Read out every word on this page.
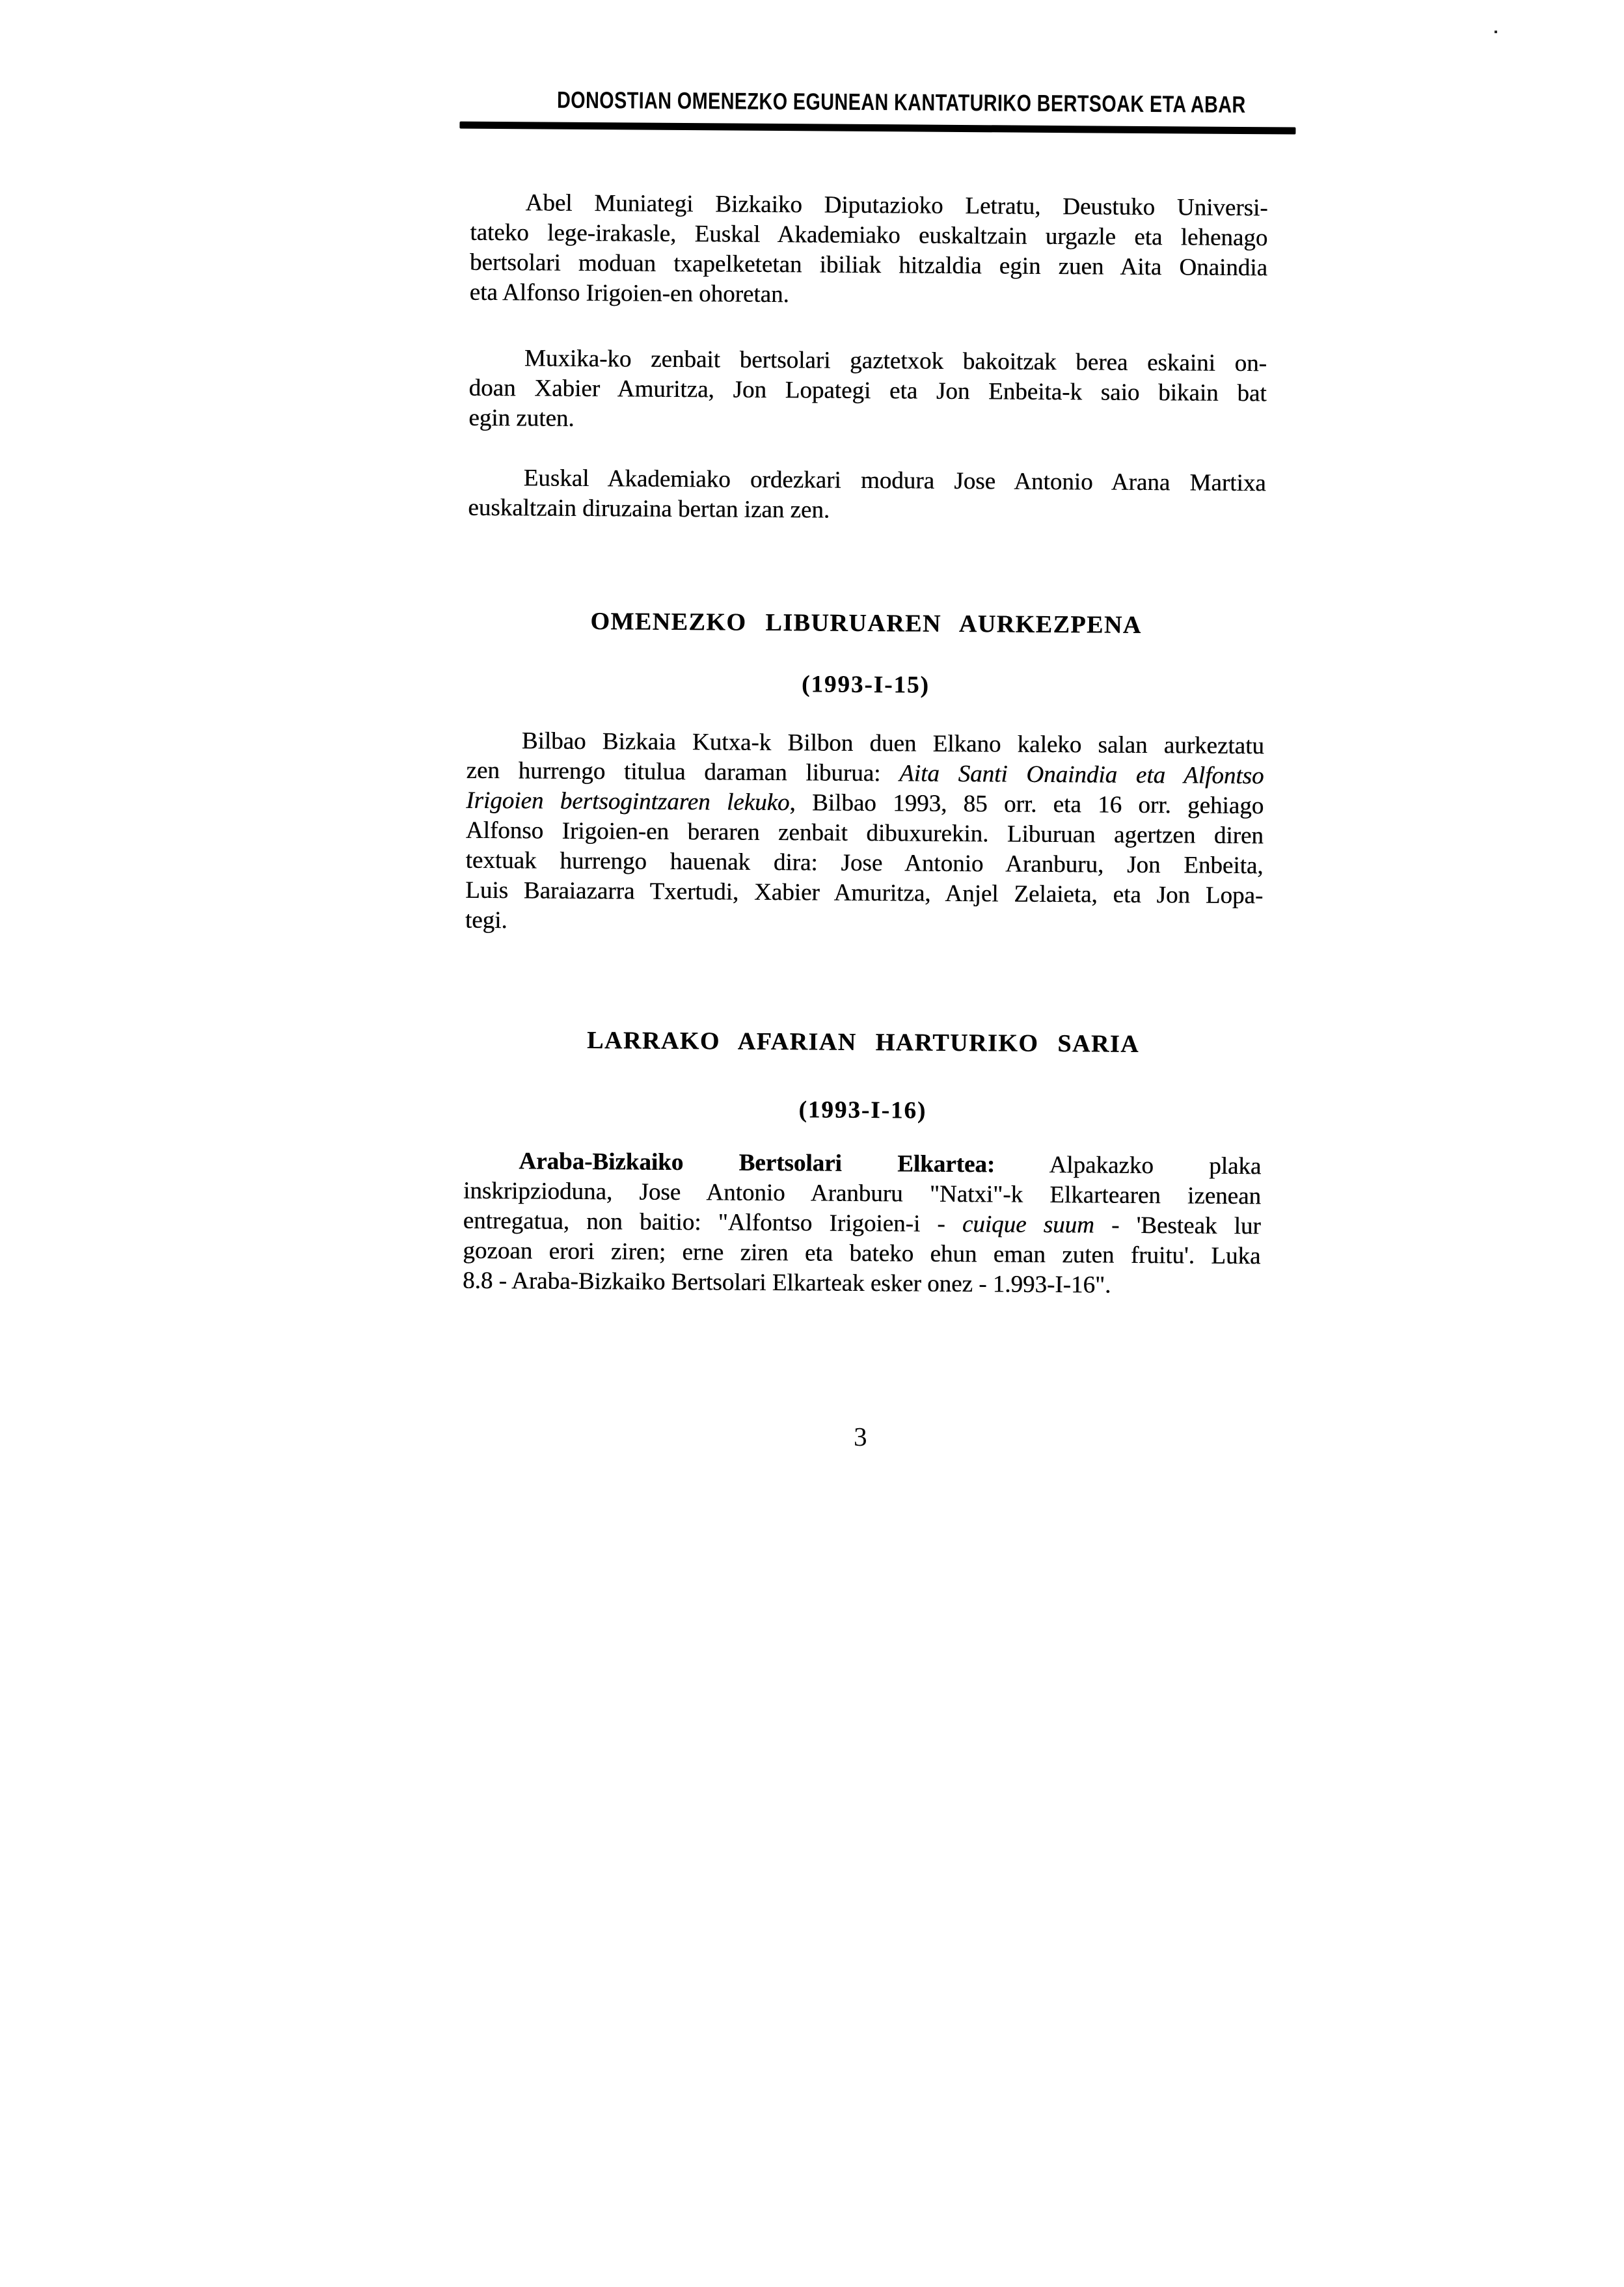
DONOSTIAN OMENEZKO EGUNEAN KANTATURIKO BERTSOAK ETA ABAR
Abel Muniategi Bizkaiko Diputazioko Letratu, Deustuko Universi-
tateko lege-irakasle, Euskal Akademiako euskaltzain urgazle eta lehenago
bertsolari moduan txapelketetan ibiliak hitzaldia egin zuen Aita Onaindia
eta Alfonso Irigoien-en ohoretan.
Muxika-ko zenbait bertsolari gaztetxok bakoitzak berea eskaini on-
doan Xabier Amuritza, Jon Lopategi eta Jon Enbeita-k saio bikain bat
egin zuten.
Euskal Akademiako ordezkari modura Jose Antonio Arana Martixa
euskaltzain diruzaina bertan izan zen.
OMENEZKO LIBURUAREN AURKEZPENA
(1993-I-15)
Bilbao Bizkaia Kutxa-k Bilbon duen Elkano kaleko salan aurkeztatu
zen hurrengo titulua daraman liburua: Aita Santi Onaindia eta Alfontso
Irigoien bertsogintzaren lekuko, Bilbao 1993, 85 orr. eta 16 orr. gehiago
Alfonso Irigoien-en beraren zenbait dibuxurekin. Liburuan agertzen diren
textuak hurrengo hauenak dira: Jose Antonio Aranburu, Jon Enbeita,
Luis Baraiazarra Txertudi, Xabier Amuritza, Anjel Zelaieta, eta Jon Lopa-
tegi.
LARRAKO AFARIAN HARTURIKO SARIA
(1993-I-16)
Araba-Bizkaiko Bertsolari Elkartea: Alpakazko plaka
inskripzioduna, Jose Antonio Aranburu "Natxi"-k Elkartearen izenean
entregatua, non baitio: "Alfontso Irigoien-i - cuique suum - 'Besteak lur
gozoan erori ziren; erne ziren eta bateko ehun eman zuten fruitu'. Luka
8.8 - Araba-Bizkaiko Bertsolari Elkarteak esker onez - 1.993-I-16".
3
